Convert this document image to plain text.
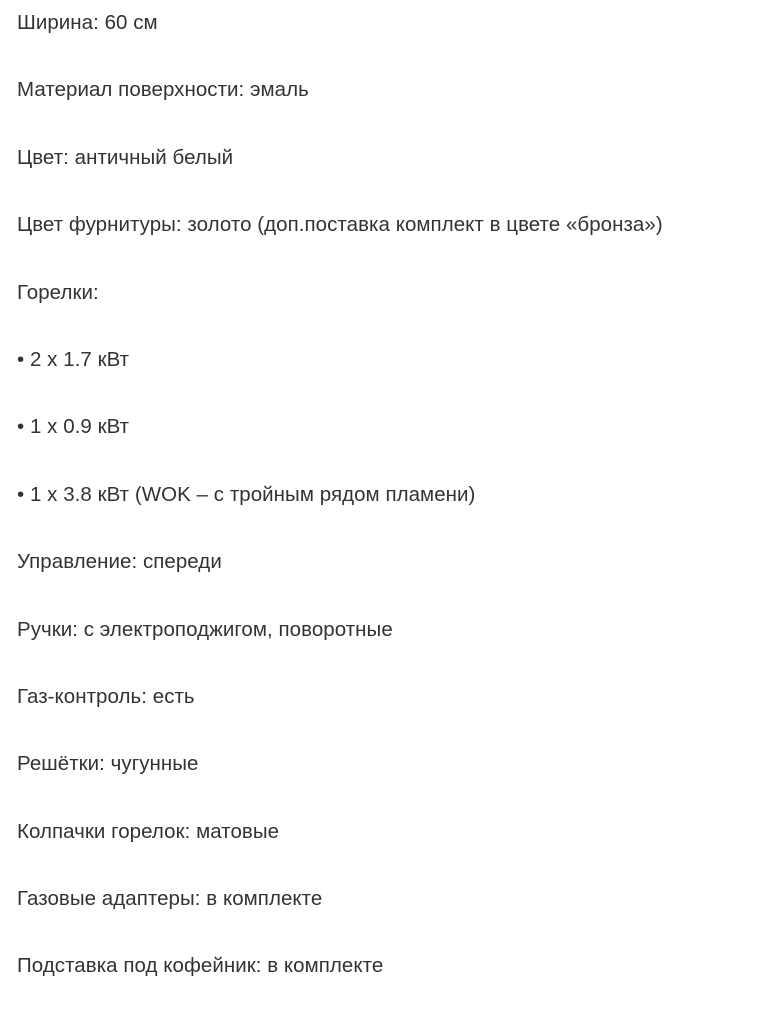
Ширина: 60 см
Материал поверхности: эмаль
Цвет: античный белый
Цвет фурнитуры: золото (доп.поставка комплект в цвете «бронза»)
Горелки:
• 2 x 1.7 кВт
• 1 x 0.9 кВт
• 1 x 3.8 кВт (WOK – с тройным рядом пламени)
Управление: спереди
Ручки: с электроподжигом, поворотные
Газ-контроль: есть
Решётки: чугунные
Колпачки горелок: матовые
Газовые адаптеры: в комплекте
Подставка под кофейник: в комплекте
